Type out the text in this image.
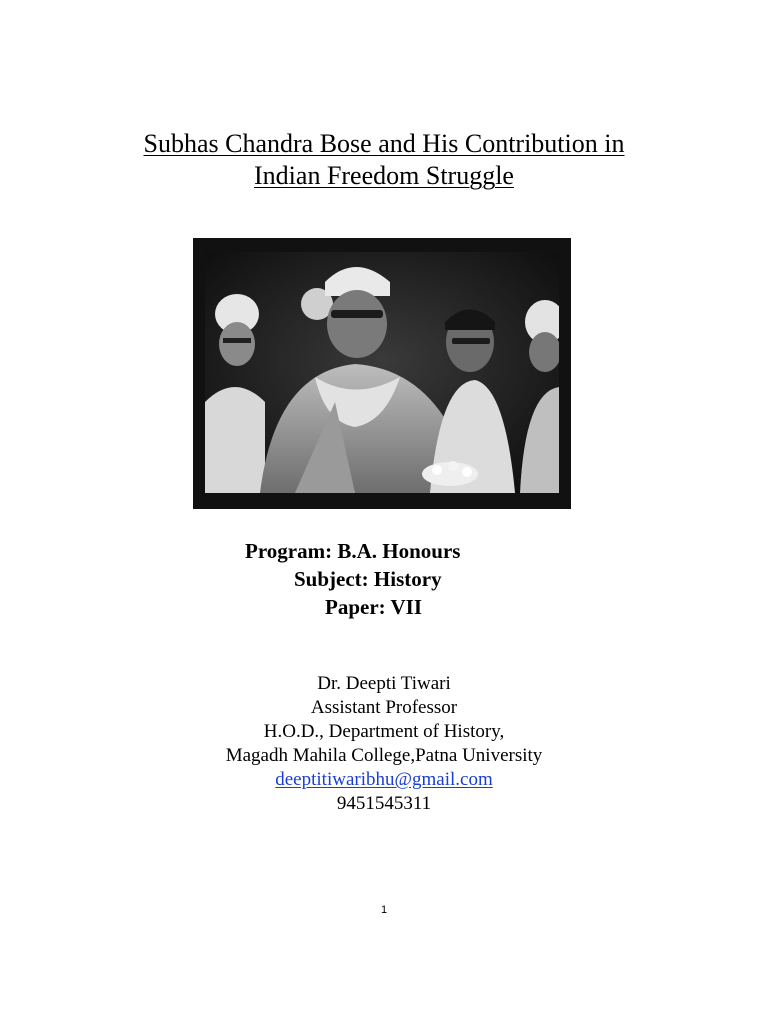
Subhas Chandra Bose and His Contribution in
Indian Freedom Struggle
Program: B.A. Honours
Subject: History
Paper: VII
Dr. Deepti Tiwari
Assistant Professor
H.O.D., Department of History,
Magadh Mahila College,Patna University
deeptitiwaribhu@gmail.com
9451545311
1
